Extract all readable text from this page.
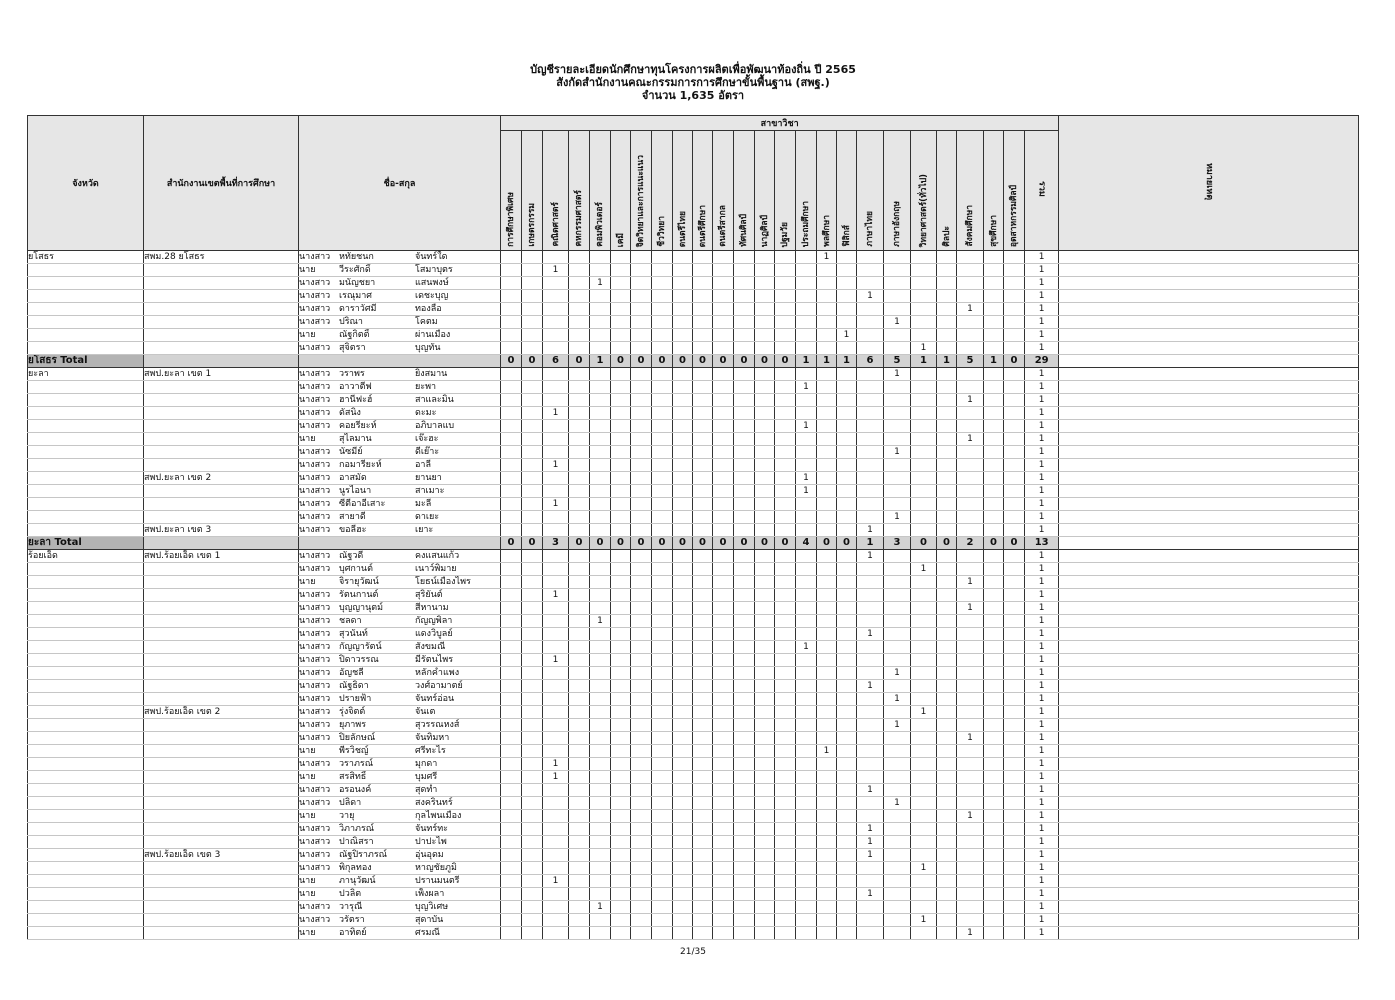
บัญชีรายละเอียดนักศึกษาทุนโครงการผลิตเพื่อพัฒนาท้องถิ่น ปี 2565
สังกัดสำนักงานคณะกรรมการการศึกษาขั้นพื้นฐาน (สพฐ.)
จำนวน 1,635 อัตรา
จังหวัด	สำนักงานเขตพื้นที่การศึกษา	ชื่อ-สกุล	สาขาวิชา																									หมายเหตุ
			การศึกษาพิเศษ	เกษตรกรรม	คณิตศาสตร์	คหกรรมศาสตร์	คอมพิวเตอร์	เคมี	จิตวิทยาและการแนะแนว	ชีววิทยา	ดนตรีไทย	ดนตรีศึกษา	ดนตรีสากล	ทัศนศิลป์	นาฏศิลป์	ปฐมวัย	ประถมศึกษา	พลศึกษา	ฟิสิกส์	ภาษาไทย	ภาษาอังกฤษ	วิทยาศาสตร์(ทั่วไป)	ศิลปะ	สังคมศึกษา	สุขศึกษา	อุตสาหกรรมศิลป์	รวม	
ยโสธร	สพม.28 ยโสธร	นางสาว หทัยชนก จันทร์ใด																1									1	
		นาย วีระศักดิ์ โสมาบุตร			1																						1	
		นางสาว มนัญชยา แสนพงษ์					1																				1	
		นางสาว เรณุมาศ เดชะบุญ																		1							1	
		นางสาว ดาราวัศมี ทองลือ																						1			1	
		นางสาว ปริณา โคตม																			1						1	
		นาย ณัฐกิตติ์ ผ่านเมือง																	1								1	
		นางสาว สุจิตรา บุญทัน																				1					1	
ยโสธร Total			0	0	6	0	1	0	0	0	0	0	0	0	0	0	1	1	1	6	5	1	1	5	1	0	29	
ยะลา	สพป.ยะลา เขต 1	นางสาว วราพร ยิ่งสมาน																			1						1	
		นางสาว อาวาตีฟ ยะพา															1										1	
		นางสาว ฮานีฟะฮ์ สาและมิน																						1			1	
		นางสาว ดัสนิง ดะมะ			1																						1	
		นางสาว คอยรียะห์ อภิบาลแบ															1										1	
		นาย สุไลมาน เจ๊ะฮะ																						1			1	
		นางสาว นัซมีย์ ดีเย๊าะ																			1						1	
		นางสาว กอมารียะห์ อาลี			1																						1	
	สพป.ยะลา เขต 2	นางสาว อาสมัด ยานยา															1										1	
		นางสาว นูรไอนา สาเมาะ															1										1	
		นางสาว ซีตีอาอีเสาะ มะลี			1																						1	
		นางสาว สายาดี ดาเยะ																			1						1	
	สพป.ยะลา เขต 3	นางสาว ขอลีฮะ เยาะ																		1							1	
ยะลา Total			0	0	3	0	0	0	0	0	0	0	0	0	0	0	4	0	0	1	3	0	0	2	0	0	13	
ร้อยเอ็ด	สพป.ร้อยเอ็ด เขต 1	นางสาว ณัฐวดี คงแสนแก้ว																		1							1	
		นางสาว บุศกานต์ เนาว์พิมาย																				1					1	
		นาย จิรายุวัฒน์ โยธน์เมืองไพร																						1			1	
		นางสาว รัตนกานต์ สุริยันต์			1																						1	
		นางสาว บุญญานุตม์ สีหานาม																						1			1	
		นางสาว ชลดา กัญญพิลา					1																				1	
		นางสาว สุวนันท์ แดงวิบูลย์																		1							1	
		นางสาว กัญญารัตน์ สังขมณี															1										1	
		นางสาว ปิดาวรรณ มีรัตนไพร			1																						1	
		นางสาว อัญชลี หลักคำแพง																			1						1	
		นางสาว ณัฐธิดา วงศ์อามาตย์																		1							1	
		นางสาว ปรายฟ้า จันทร์อ่อน																			1						1	
	สพป.ร้อยเอ็ด เขต 2	นางสาว รุ่งจิตต์ จันเต																				1					1	
		นางสาว ยุภาพร สุวรรณหงส์																			1						1	
		นางสาว ปิยลักษณ์ จันทิมหา																						1			1	
		นาย พีรวิชญ์ ศรีทะไร																1									1	
		นางสาว วราภรณ์ มุกดา			1																						1	
		นาย สรสิทธิ์ บุมศรี			1																						1	
		นางสาว อรอนงค์ สุดทำ																		1							1	
		นางสาว ปลิดา สงครินทร์																			1						1	
		นาย วายุ กุลไพนเมือง																						1			1	
		นางสาว วิภาภรณ์ จันทร์ทะ																		1							1	
		นางสาว ปาณิสรา ปาปะไพ																		1							1	
	สพป.ร้อยเอ็ด เขต 3	นางสาว ณัฐปิราภรณ์ อุ่นอุดม																		1							1	
		นางสาว พิกุลทอง หาญชัยภูมิ																				1					1	
		นาย ภานุวัฒน์ ปรานมนตรี			1																						1	
		นาย ปวลิต เพ็งผลา																		1							1	
		นางสาว วารุณี บุญวิเศษ					1																				1	
		นางสาว วรัตรา สุดาบัน																				1					1	
		นาย อาทิตย์ ศรมณี																						1			1	
21/35
